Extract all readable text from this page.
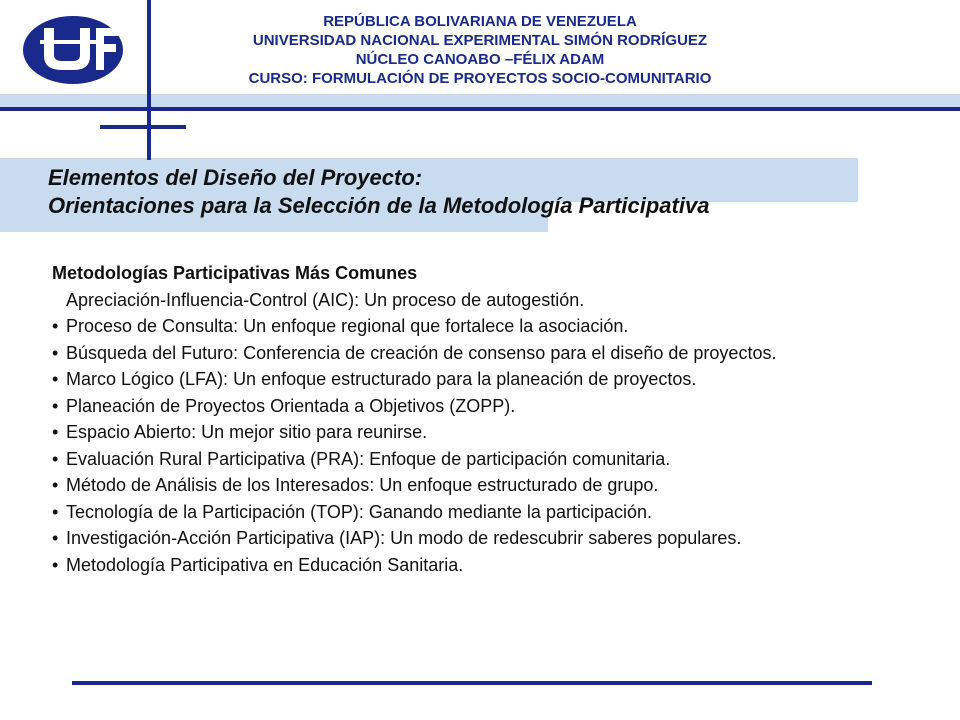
REPÚBLICA BOLIVARIANA DE VENEZUELA
UNIVERSIDAD NACIONAL EXPERIMENTAL SIMÓN RODRÍGUEZ
NÚCLEO CANOABO –FÉLIX ADAM
CURSO: FORMULACIÓN DE PROYECTOS SOCIO-COMUNITARIO
Elementos del Diseño del Proyecto:
Orientaciones para la Selección de la Metodología Participativa
Metodologías Participativas Más Comunes
Apreciación-Influencia-Control (AIC): Un proceso de autogestión.
• Proceso de Consulta: Un enfoque regional que fortalece la asociación.
• Búsqueda del Futuro: Conferencia de creación de consenso para el diseño de proyectos.
• Marco Lógico (LFA): Un enfoque estructurado para la planeación de proyectos.
• Planeación de Proyectos Orientada a Objetivos (ZOPP).
• Espacio Abierto: Un mejor sitio para reunirse.
• Evaluación Rural Participativa (PRA): Enfoque de participación comunitaria.
• Método de Análisis de los Interesados: Un enfoque estructurado de grupo.
• Tecnología de la Participación (TOP): Ganando mediante la participación.
• Investigación-Acción Participativa (IAP): Un modo de redescubrir saberes populares.
• Metodología Participativa en Educación Sanitaria.
